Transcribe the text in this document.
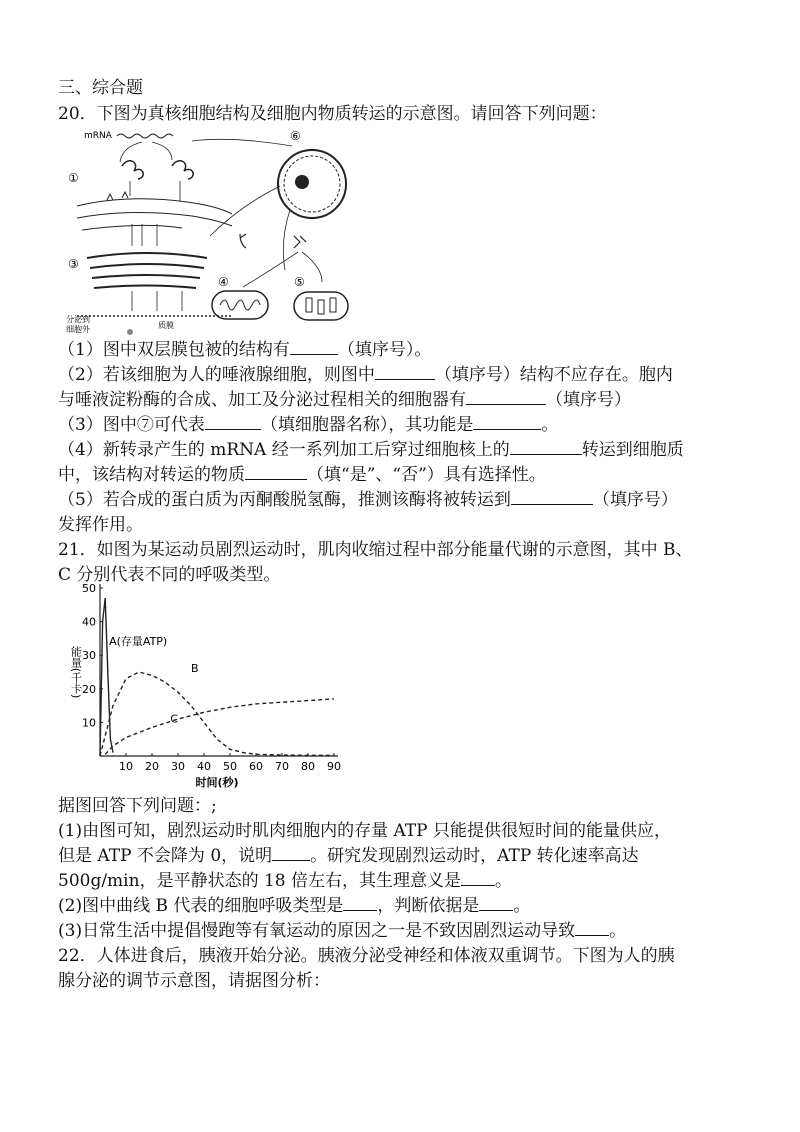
三、综合题
20．下图为真核细胞结构及细胞内物质转运的示意图。请回答下列问题：
mRNA
①
③
分泌到
细胞外	质膜
⑥
④	⑤
（1）图中双层膜包被的结构有	（填序号）。
（2）若该细胞为人的唾液腺细胞，则图中	（填序号）结构不应存在。胞内
与唾液淀粉酶的合成、加工及分泌过程相关的细胞器有	（填序号）
（3）图中⑦可代表	（填细胞器名称），其功能是	。
（4）新转录产生的 mRNA 经一系列加工后穿过细胞核上的	转运到细胞质
中，该结构对转运的物质	（填“是”、“否”）具有选择性。
（5）若合成的蛋白质为丙酮酸脱氢酶，推测该酶将被转运到	（填序号）
发挥作用。
21．如图为某运动员剧烈运动时，肌肉收缩过程中部分能量代谢的示意图，其中 B、
C 分别代表不同的呼吸类型。
10 20 30 40 50 60 70 80 90
10
20
30
40
50
时间(秒)
能量(千卡)
A(存量ATP)
B
C
据图回答下列问题：;
(1)由图可知，剧烈运动时肌肉细胞内的存量 ATP 只能提供很短时间的能量供应，
但是 ATP 不会降为 0，说明 。研究发现剧烈运动时，ATP 转化速率高达
500g/min，是平静状态的 18 倍左右，其生理意义是 。
(2)图中曲线 B 代表的细胞呼吸类型是 ，判断依据是 。
(3)日常生活中提倡慢跑等有氧运动的原因之一是不致因剧烈运动导致 。
22．人体进食后，胰液开始分泌。胰液分泌受神经和体液双重调节。下图为人的胰
腺分泌的调节示意图，请据图分析：
